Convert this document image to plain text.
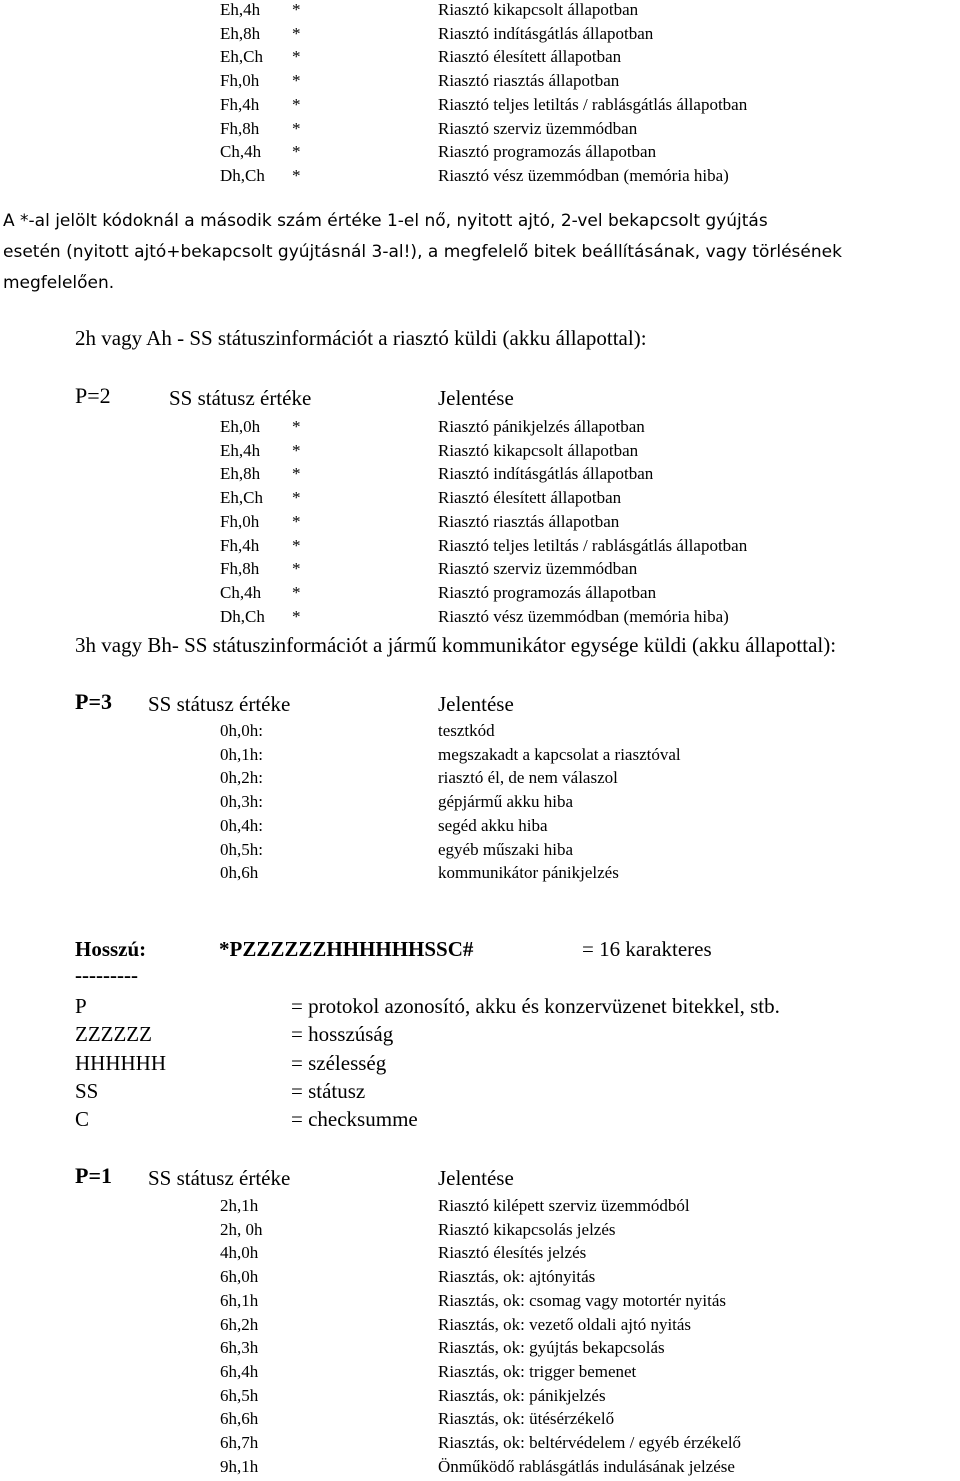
Eh,4h *	Riasztó kikapcsolt állapotban
Eh,8h *	Riasztó indításgátlás állapotban
Eh,Ch *	Riasztó élesített állapotban
Fh,0h *	Riasztó riasztás állapotban
Fh,4h *	Riasztó teljes letiltás / rablásgátlás állapotban
Fh,8h *	Riasztó szerviz üzemmódban
Ch,4h *	Riasztó programozás állapotban
Dh,Ch *	Riasztó vész üzemmódban (memória hiba)
A *-al jelölt kódoknál a második szám értéke 1-el nő, nyitott ajtó, 2-vel bekapcsolt gyújtás
esetén (nyitott ajtó+bekapcsolt gyújtásnál 3-al!), a megfelelő bitek beállításának, vagy törlésének
megfelelően.
2h vagy Ah - SS státuszinformációt a riasztó küldi (akku állapottal):
P=2	SS státusz értéke	Jelentése
Eh,0h *	Riasztó pánikjelzés állapotban
Eh,4h *	Riasztó kikapcsolt állapotban
Eh,8h *	Riasztó indításgátlás állapotban
Eh,Ch *	Riasztó élesített állapotban
Fh,0h *	Riasztó riasztás állapotban
Fh,4h *	Riasztó teljes letiltás / rablásgátlás állapotban
Fh,8h *	Riasztó szerviz üzemmódban
Ch,4h *	Riasztó programozás állapotban
Dh,Ch *	Riasztó vész üzemmódban (memória hiba)
3h vagy Bh- SS státuszinformációt a jármű kommunikátor egysége küldi (akku állapottal):
P=3 SS státusz értéke	Jelentése
0h,0h:	tesztkód
0h,1h:	megszakadt a kapcsolat a riasztóval
0h,2h:	riasztó él, de nem válaszol
0h,3h:	gépjármű akku hiba
0h,4h:	segéd akku hiba
0h,5h:	egyéb műszaki hiba
0h,6h	kommunikátor pánikjelzés
Hosszú:	*PZZZZZZHHHHHHSSC#	= 16 karakteres
---------
P	= protokol azonosító, akku és konzervüzenet bitekkel, stb.
ZZZZZZ	= hosszúság
HHHHHH	= szélesség
SS	= státusz
C	= checksumme
P=1 SS státusz értéke	Jelentése
2h,1h	Riasztó kilépett szerviz üzemmódból
2h, 0h	Riasztó kikapcsolás jelzés
4h,0h	Riasztó élesítés jelzés
6h,0h	Riasztás, ok: ajtónyitás
6h,1h	Riasztás, ok: csomag vagy motortér nyitás
6h,2h	Riasztás, ok: vezető oldali ajtó nyitás
6h,3h	Riasztás, ok: gyújtás bekapcsolás
6h,4h	Riasztás, ok: trigger bemenet
6h,5h	Riasztás, ok: pánikjelzés
6h,6h	Riasztás, ok: ütésérzékelő
6h,7h	Riasztás, ok: beltérvédelem / egyéb érzékelő
9h,1h	Önműködő rablásgátlás indulásának jelzése
